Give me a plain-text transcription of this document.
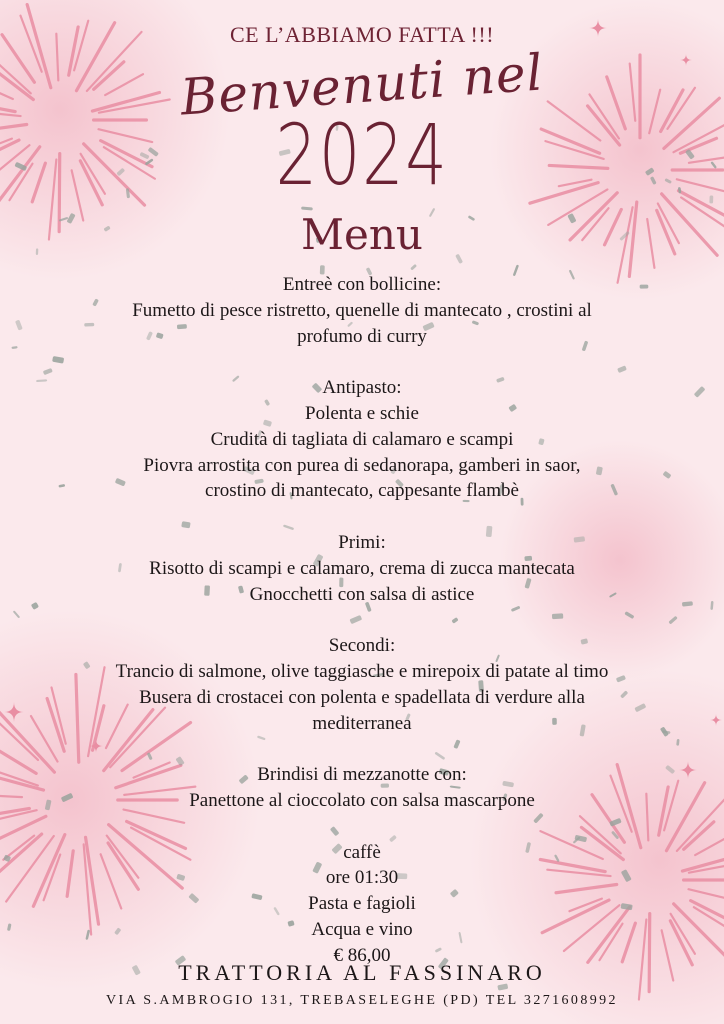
CE L’ABBIAMO FATTA !!!
Benvenuti nel
2024
Menu
Entreè con bollicine:
Fumetto di pesce ristretto, quenelle di mantecato , crostini al
profumo di curry
Antipasto:
Polenta e schie
Crudità di tagliata di calamaro e scampi
Piovra arrostita con purea di sedanorapa, gamberi in saor,
crostino di mantecato, cappesante flambè
Primi:
Risotto di scampi e calamaro, crema di zucca mantecata
Gnocchetti con salsa di astice
Secondi:
Trancio di salmone, olive taggiasche e mirepoix di patate al timo
Busera di crostacei con polenta e spadellata di verdure alla
mediterranea
Brindisi di mezzanotte con:
Panettone al cioccolato con salsa mascarpone
caffè
ore 01:30
Pasta e fagioli
Acqua e vino
€ 86,00
TRATTORIA AL FASSINARO
VIA S.AMBROGIO 131, TREBASELEGHE (PD) TEL 3271608992
